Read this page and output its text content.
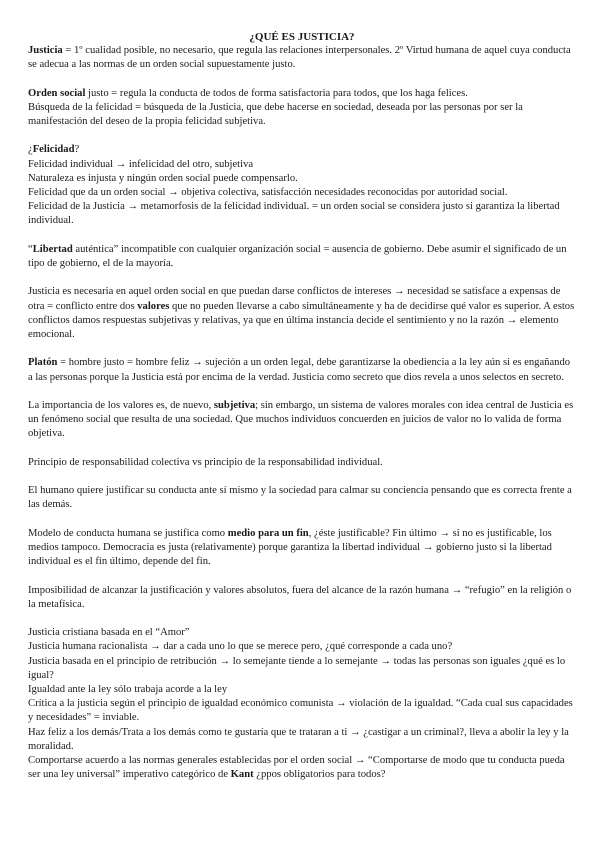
¿QUÉ ES JUSTICIA?

Justicia = 1º cualidad posible, no necesario, que regula las relaciones interpersonales. 2º Virtud humana de aquel cuya conducta se adecua a las normas de un orden social supuestamente justo.

Orden social justo = regula la conducta de todos de forma satisfactoria para todos, que los haga felices.

Búsqueda de la felicidad = búsqueda de la Justicia, que debe hacerse en sociedad, deseada por las personas por ser la manifestación del deseo de la propia felicidad subjetiva.

¿Felicidad?

Felicidad individual → infelicidad del otro, subjetiva

Naturaleza es injusta y ningún orden social puede compensarlo.

Felicidad que da un orden social → objetiva colectiva, satisfacción necesidades reconocidas por autoridad social.

Felicidad de la Justicia → metamorfosis de la felicidad individual. = un orden social se considera justo si garantiza la libertad individual.

“Libertad auténtica” incompatible con cualquier organización social = ausencia de gobierno. Debe asumir el significado de un tipo de gobierno, el de la mayoría.

Justicia es necesaria en aquel orden social en que puedan darse conflictos de intereses → necesidad se satisface a expensas de otra = conflicto entre dos valores que no pueden llevarse a cabo simultáneamente y ha de decidirse qué valor es superior. A estos conflictos damos respuestas subjetivas y relativas, ya que en última instancia decide el sentimiento y no la razón → elemento emocional.

Platón = hombre justo = hombre feliz → sujeción a un orden legal, debe garantizarse la obediencia a la ley aún si es engañando a las personas porque la Justicia está por encima de la verdad. Justicia como secreto que dios revela a unos selectos en secreto.

La importancia de los valores es, de nuevo, subjetiva; sin embargo, un sistema de valores morales con idea central de Justicia es un fenómeno social que resulta de una sociedad. Que muchos individuos concuerden en juicios de valor no lo valida de forma objetiva.

Principio de responsabilidad colectiva vs principio de la responsabilidad individual.

El humano quiere justificar su conducta ante sí mismo y la sociedad para calmar su conciencia pensando que es correcta frente a las demás.

Modelo de conducta humana se justifica como medio para un fin, ¿éste justificable? Fin último → si no es justificable, los medios tampoco. Democracia es justa (relativamente) porque garantiza la libertad individual → gobierno justo si la libertad individual es el fin último, depende del fin.

Imposibilidad de alcanzar la justificación y valores absolutos, fuera del alcance de la razón humana → “refugio” en la religión o la metafísica.

Justicia cristiana basada en el “Amor”

Justicia humana racionalista → dar a cada uno lo que se merece pero, ¿qué corresponde a cada uno?

Justicia basada en el principio de retribución → lo semejante tiende a lo semejante → todas las personas son iguales ¿qué es lo igual?

Igualdad ante la ley sólo trabaja acorde a la ley

Crítica a la justicia según el principio de igualdad económico comunista → violación de la igualdad. “Cada cual sus capacidades y necesidades” = inviable.

Haz feliz a los demás/Trata a los demás como te gustaría que te trataran a ti → ¿castigar a un criminal?, lleva a abolir la ley y la moralidad.

Comportarse acuerdo a las normas generales establecidas por el orden social → “Comportarse de modo que tu conducta pueda ser una ley universal” imperativo categórico de Kant ¿ppos obligatorios para todos?
